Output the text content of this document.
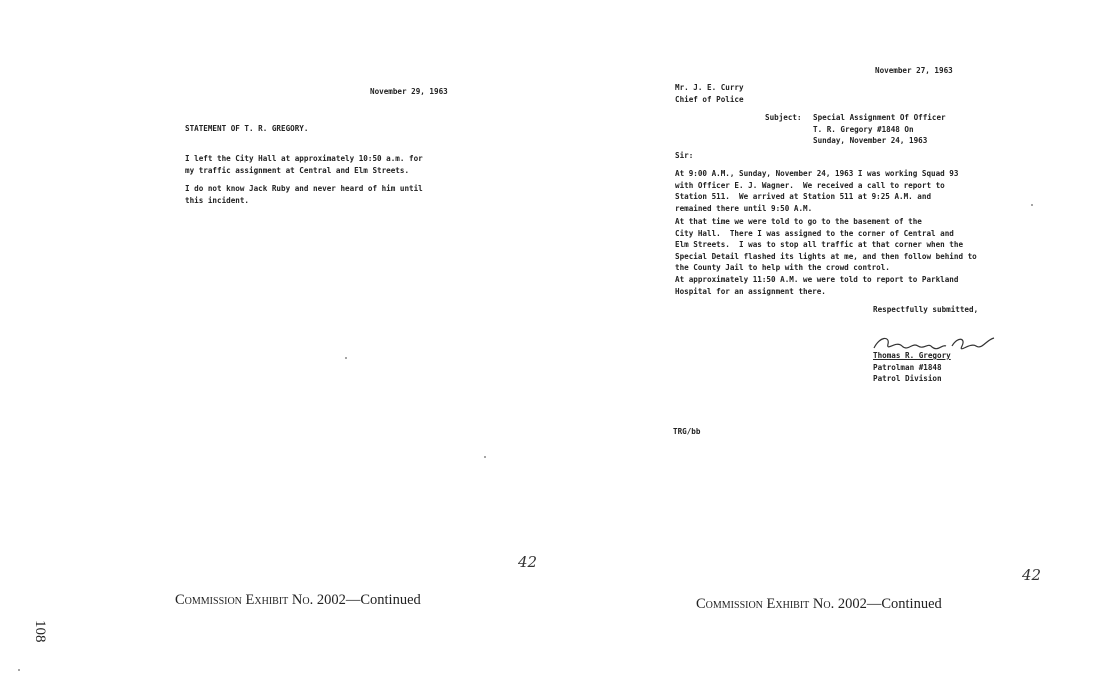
November 29, 1963
STATEMENT OF T. R. GREGORY.
I left the City Hall at approximately 10:50 a.m. for
my traffic assignment at Central and Elm Streets.
I do not know Jack Ruby and never heard of him until
this incident.
42
Commission Exhibit No. 2002—Continued
108
November 27, 1963
Mr. J. E. Curry
Chief of Police
Subject: Special Assignment Of Officer
T. R. Gregory #1848 On
Sunday, November 24, 1963
Sir:
At 9:00 A.M., Sunday, November 24, 1963 I was working Squad 93
with Officer E. J. Wagner.  We received a call to report to
Station 511.  We arrived at Station 511 at 9:25 A.M. and
remained there until 9:50 A.M.
At that time we were told to go to the basement of the
City Hall.  There I was assigned to the corner of Central and
Elm Streets.  I was to stop all traffic at that corner when the
Special Detail flashed its lights at me, and then follow behind to
the County Jail to help with the crowd control.
At approximately 11:50 A.M. we were told to report to Parkland
Hospital for an assignment there.
Respectfully submitted,
Thomas R. Gregory
Patrolman #1848
Patrol Division
TRG/bb
42
Commission Exhibit No. 2002—Continued
